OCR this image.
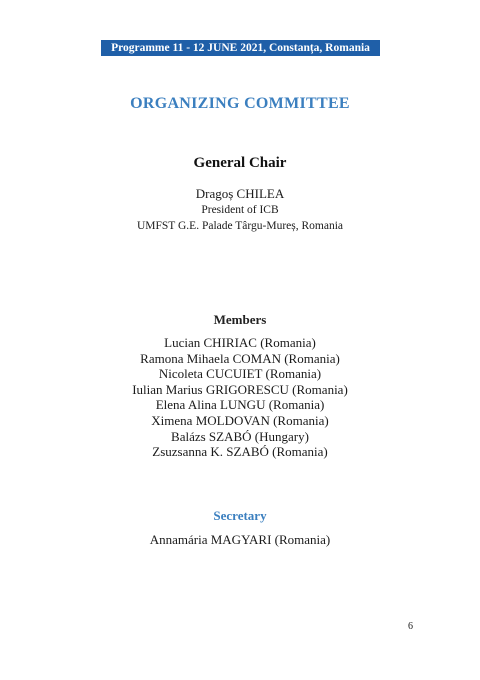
Programme 11 - 12 JUNE 2021, Constanța, Romania
ORGANIZING COMMITTEE
General Chair
Dragoș CHILEA
President of ICB
UMFST G.E. Palade Târgu-Mureș, Romania
Members
Lucian CHIRIAC (Romania)
Ramona Mihaela COMAN (Romania)
Nicoleta CUCUIET (Romania)
Iulian Marius GRIGORESCU (Romania)
Elena Alina LUNGU (Romania)
Ximena MOLDOVAN (Romania)
Balázs SZABÓ (Hungary)
Zsuzsanna K. SZABÓ (Romania)
Secretary
Annamária MAGYARI (Romania)
6
